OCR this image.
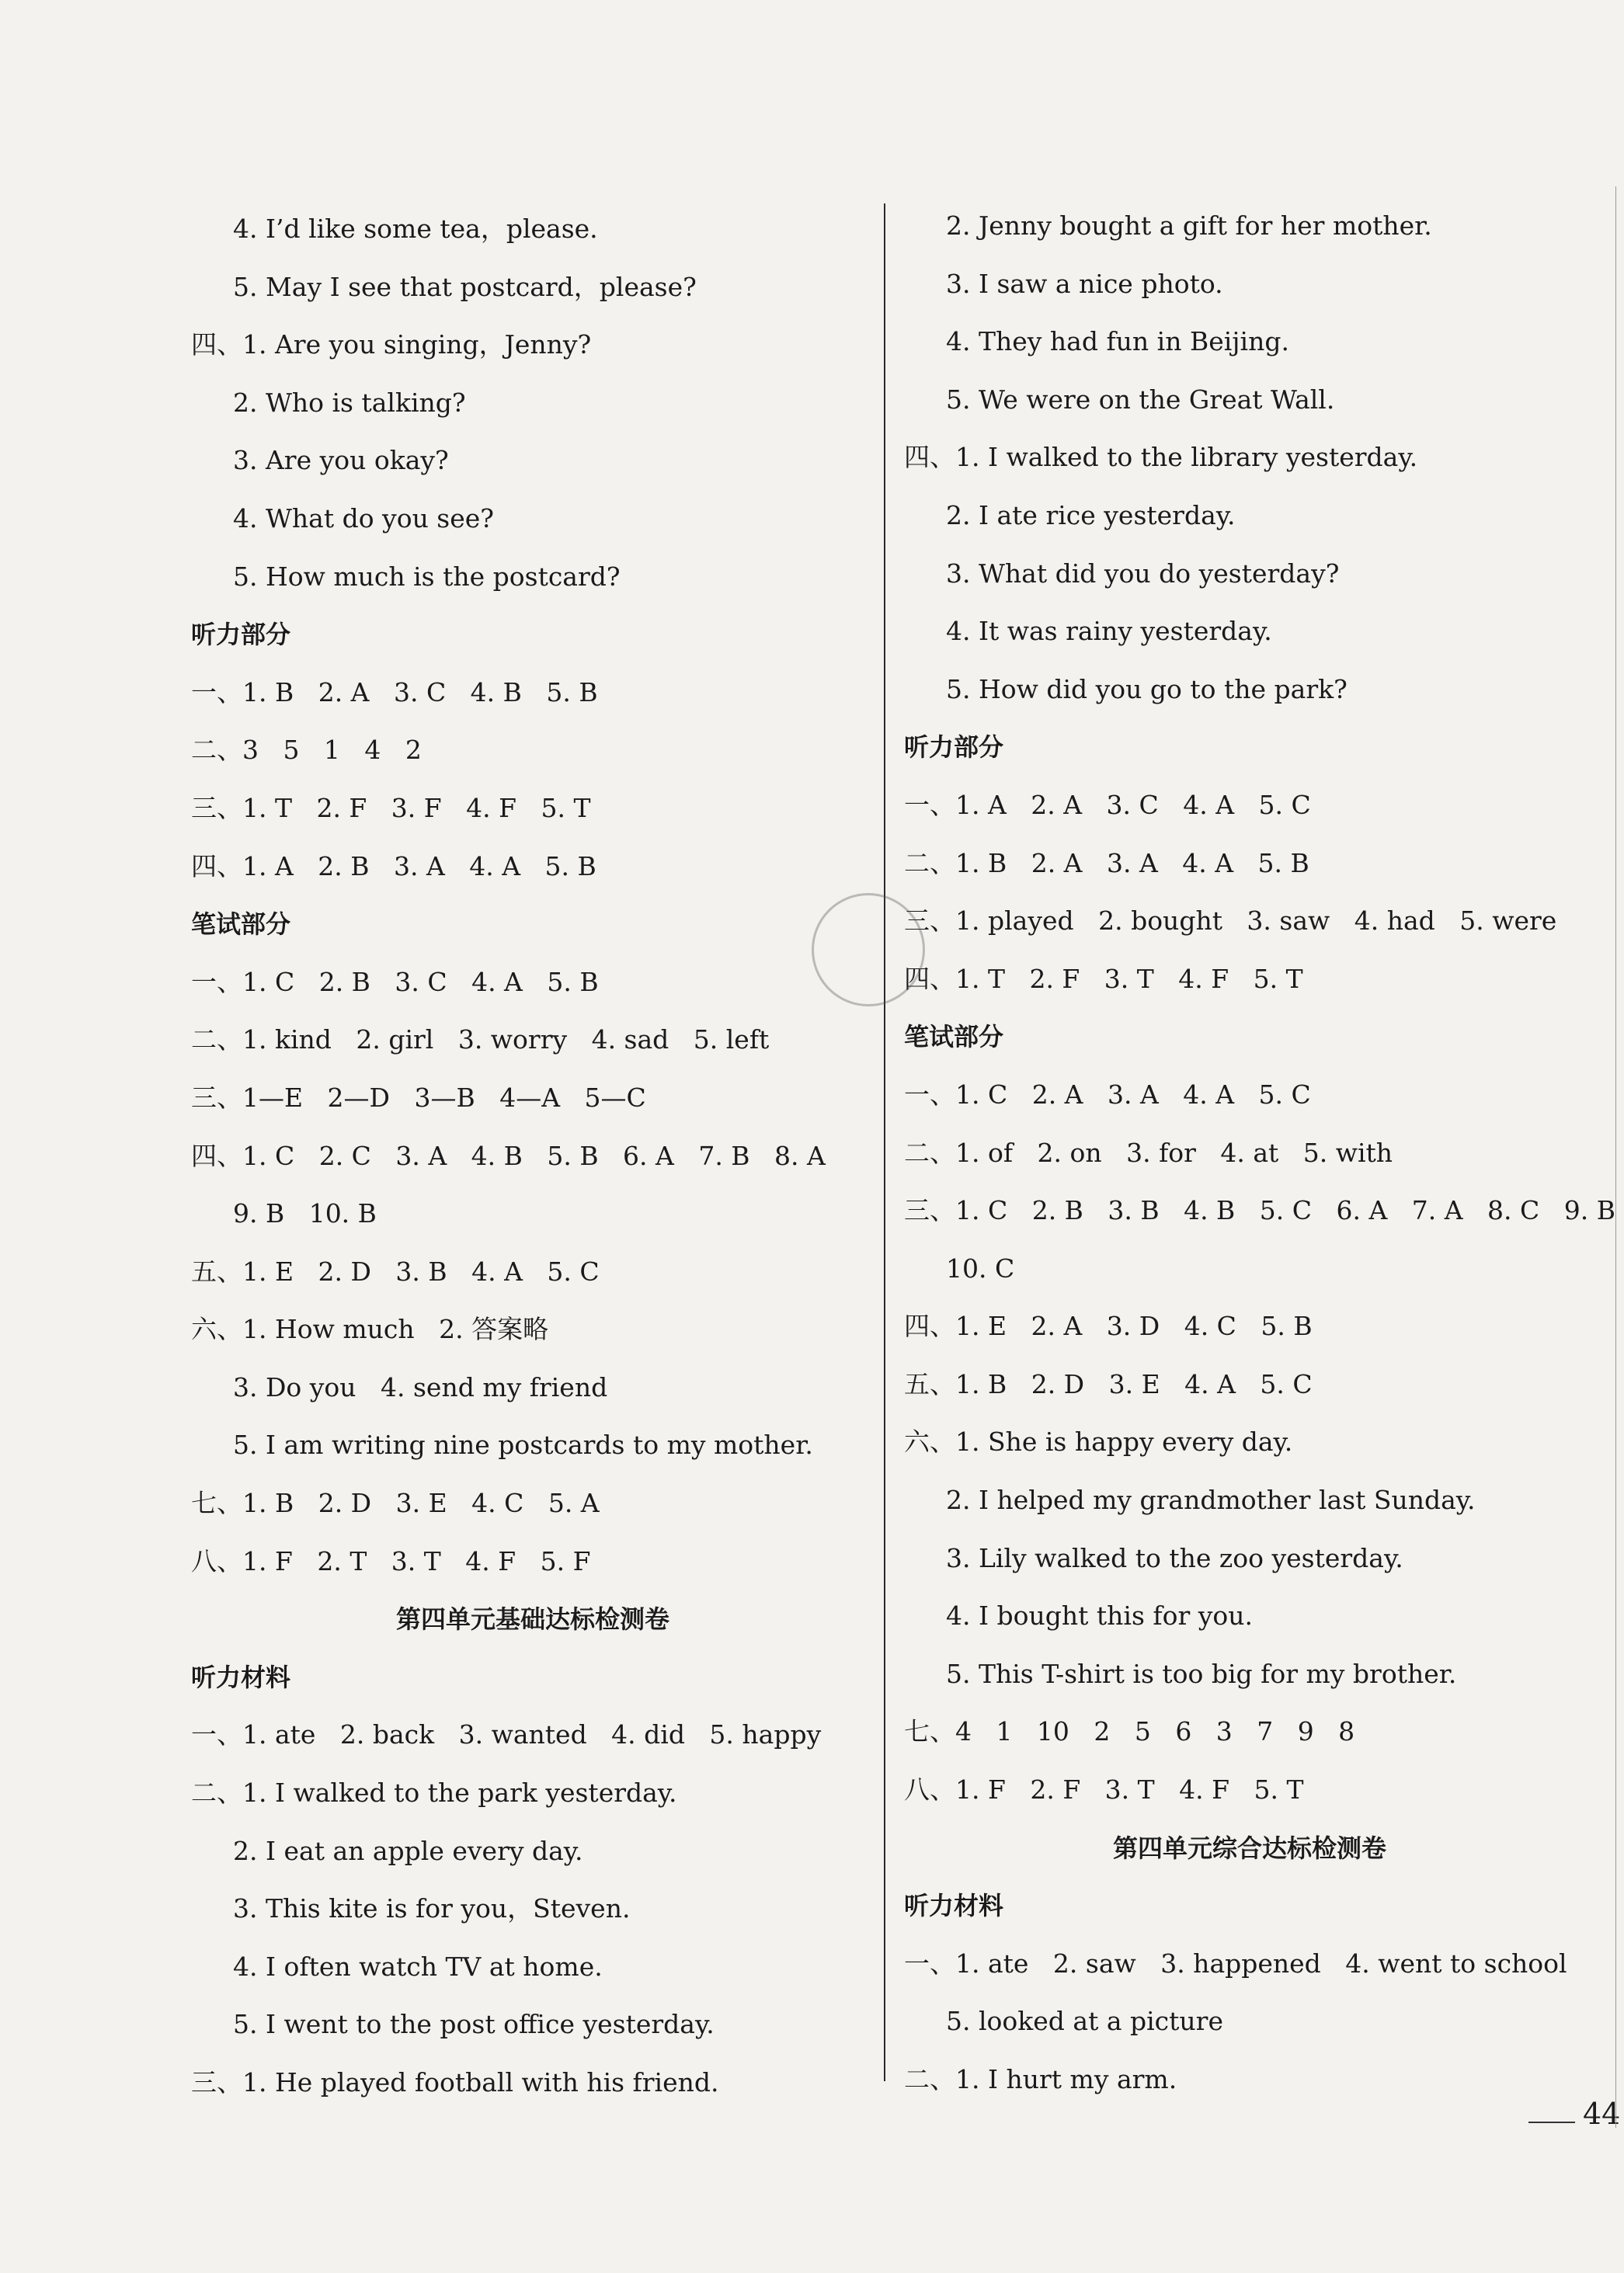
4. I’d like some tea，please.
5. May I see that postcard，please?
四、1. Are you singing，Jenny?
2. Who is talking?
3. Are you okay?
4. What do you see?
5. How much is the postcard?
听力部分
一、1. B   2. A   3. C   4. B   5. B
二、3   5   1   4   2
三、1. T   2. F   3. F   4. F   5. T
四、1. A   2. B   3. A   4. A   5. B
笔试部分
一、1. C   2. B   3. C   4. A   5. B
二、1. kind   2. girl   3. worry   4. sad   5. left
三、1—E   2—D   3—B   4—A   5—C
四、1. C   2. C   3. A   4. B   5. B   6. A   7. B   8. A
9. B   10. B
五、1. E   2. D   3. B   4. A   5. C
六、1. How much   2. 答案略
3. Do you   4. send my friend
5. I am writing nine postcards to my mother.
七、1. B   2. D   3. E   4. C   5. A
八、1. F   2. T   3. T   4. F   5. F
第四单元基础达标检测卷
听力材料
一、1. ate   2. back   3. wanted   4. did   5. happy
二、1. I walked to the park yesterday.
2. I eat an apple every day.
3. This kite is for you，Steven.
4. I often watch TV at home.
5. I went to the post office yesterday.
三、1. He played football with his friend.
2. Jenny bought a gift for her mother.
3. I saw a nice photo.
4. They had fun in Beijing.
5. We were on the Great Wall.
四、1. I walked to the library yesterday.
2. I ate rice yesterday.
3. What did you do yesterday?
4. It was rainy yesterday.
5. How did you go to the park?
听力部分
一、1. A   2. A   3. C   4. A   5. C
二、1. B   2. A   3. A   4. A   5. B
三、1. played   2. bought   3. saw   4. had   5. were
四、1. T   2. F   3. T   4. F   5. T
笔试部分
一、1. C   2. A   3. A   4. A   5. C
二、1. of   2. on   3. for   4. at   5. with
三、1. C   2. B   3. B   4. B   5. C   6. A   7. A   8. C   9. B
10. C
四、1. E   2. A   3. D   4. C   5. B
五、1. B   2. D   3. E   4. A   5. C
六、1. She is happy every day.
2. I helped my grandmother last Sunday.
3. Lily walked to the zoo yesterday.
4. I bought this for you.
5. This T-shirt is too big for my brother.
七、4   1   10   2   5   6   3   7   9   8
八、1. F   2. F   3. T   4. F   5. T
第四单元综合达标检测卷
听力材料
一、1. ate   2. saw   3. happened   4. went to school
5. looked at a picture
二、1. I hurt my arm.
44
